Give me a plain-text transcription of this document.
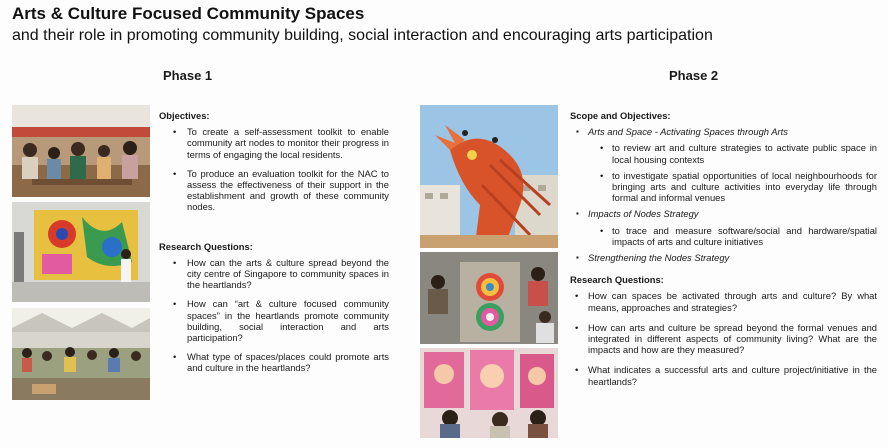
Arts & Culture Focused Community Spaces
and their role in promoting community building, social interaction and encouraging arts participation
Phase 1	Phase 2
Objectives:
• To create a self-assessment toolkit to enable community art nodes to monitor their progress in terms of engaging the local residents.
• To produce an evaluation toolkit for the NAC to assess the effectiveness of their support in the establishment and growth of these community nodes.
Research Questions:
• How can the arts & culture spread beyond the city centre of Singapore to community spaces in the heartlands?
• How can “art & culture focused community spaces” in the heartlands promote community building, social interaction and arts participation?
• What type of spaces/places could promote arts and culture in the heartlands?
Scope and Objectives:
▪ Arts and Space - Activating Spaces through Arts
• to review art and culture strategies to activate public space in local housing contexts
• to investigate spatial opportunities of local neighbourhoods for bringing arts and culture activities into everyday life through formal and informal venues
▪ Impacts of Nodes Strategy
• to trace and measure software/social and hardware/spatial impacts of arts and culture initiatives
▪ Strengthening the Nodes Strategy
Research Questions:
• How can spaces be activated through arts and culture? By what means, approaches and strategies?
• How can arts and culture be spread beyond the formal venues and integrated in different aspects of community living? What are the impacts and how are they measured?
• What indicates a successful arts and culture project/initiative in the heartlands?
